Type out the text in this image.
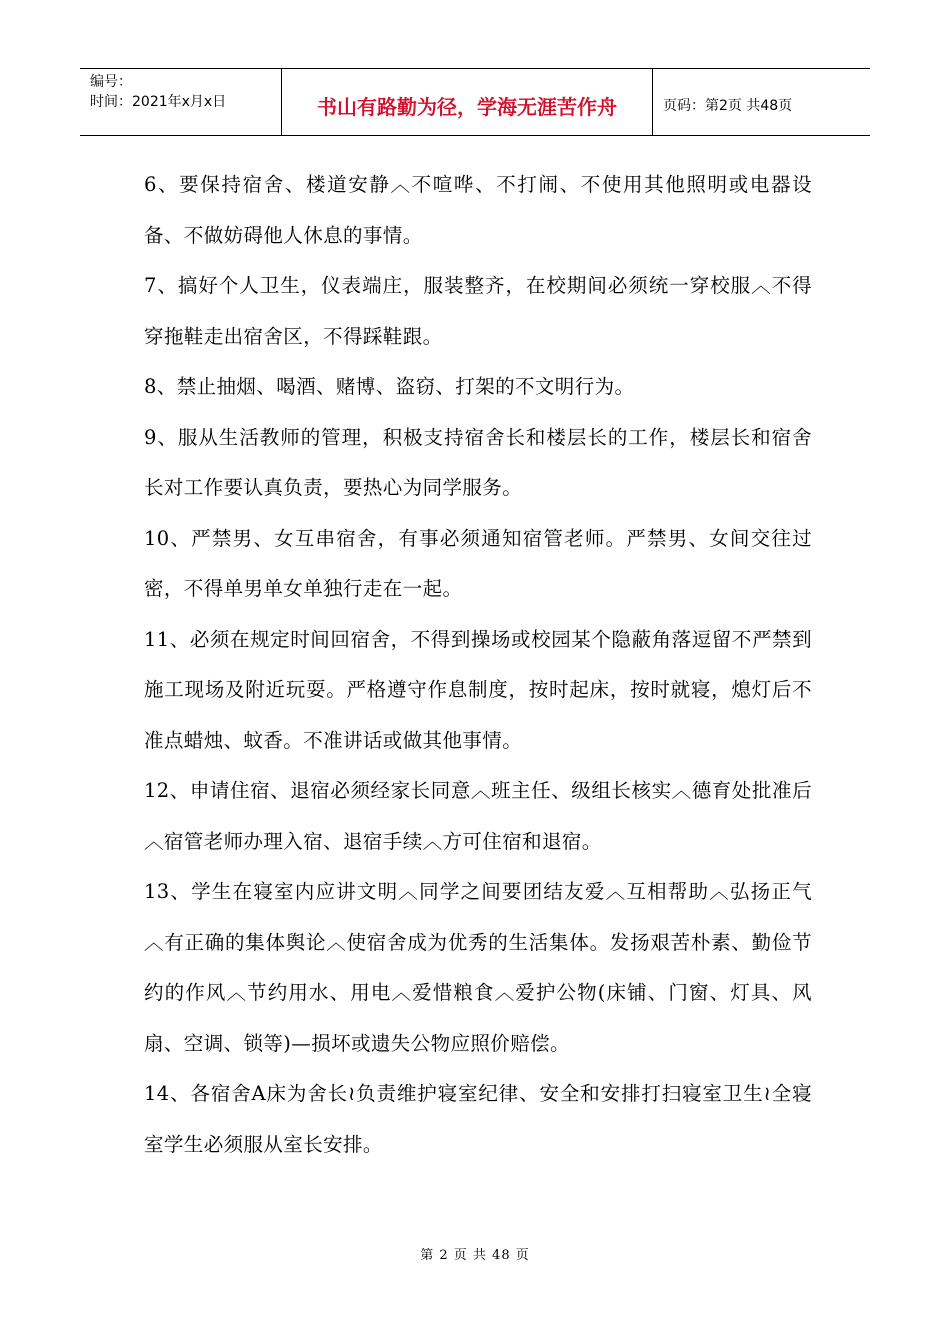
编号：
时间：2021年x月x日	书山有路勤为径，学海无涯苦作舟	页码：第2页 共48页

6、要保持宿舍、楼道安静︿不喧哗、不打闹、不使用其他照明或电器设备、不做妨碍他人休息的事情。

7、搞好个人卫生，仪表端庄，服装整齐，在校期间必须统一穿校服︿不得穿拖鞋走出宿舍区，不得踩鞋跟。

8、禁止抽烟、喝酒、赌博、盗窃、打架的不文明行为。

9、服从生活教师的管理，积极支持宿舍长和楼层长的工作，楼层长和宿舍长对工作要认真负责，要热心为同学服务。

10、严禁男、女互串宿舍，有事必须通知宿管老师。严禁男、女间交往过密，不得单男单女单独行走在一起。

11、必须在规定时间回宿舍，不得到操场或校园某个隐蔽角落逗留不严禁到施工现场及附近玩耍。严格遵守作息制度，按时起床，按时就寝，熄灯后不准点蜡烛、蚊香。不准讲话或做其他事情。

12、申请住宿、退宿必须经家长同意︿班主任、级组长核实︿德育处批准后︿宿管老师办理入宿、退宿手续︿方可住宿和退宿。

13、学生在寝室内应讲文明︿同学之间要团结友爱︿互相帮助︿弘扬正气︿有正确的集体舆论︿使宿舍成为优秀的生活集体。发扬艰苦朴素、勤俭节约的作风︿节约用水、用电︿爱惜粮食︿爱护公物(床铺、门窗、灯具、风扇、空调、锁等)—损坏或遗失公物应照价赔偿。

14、各宿舍A床为舍长≀负责维护寝室纪律、安全和安排打扫寝室卫生≀全寝室学生必须服从室长安排。

第 2 页 共 48 页
